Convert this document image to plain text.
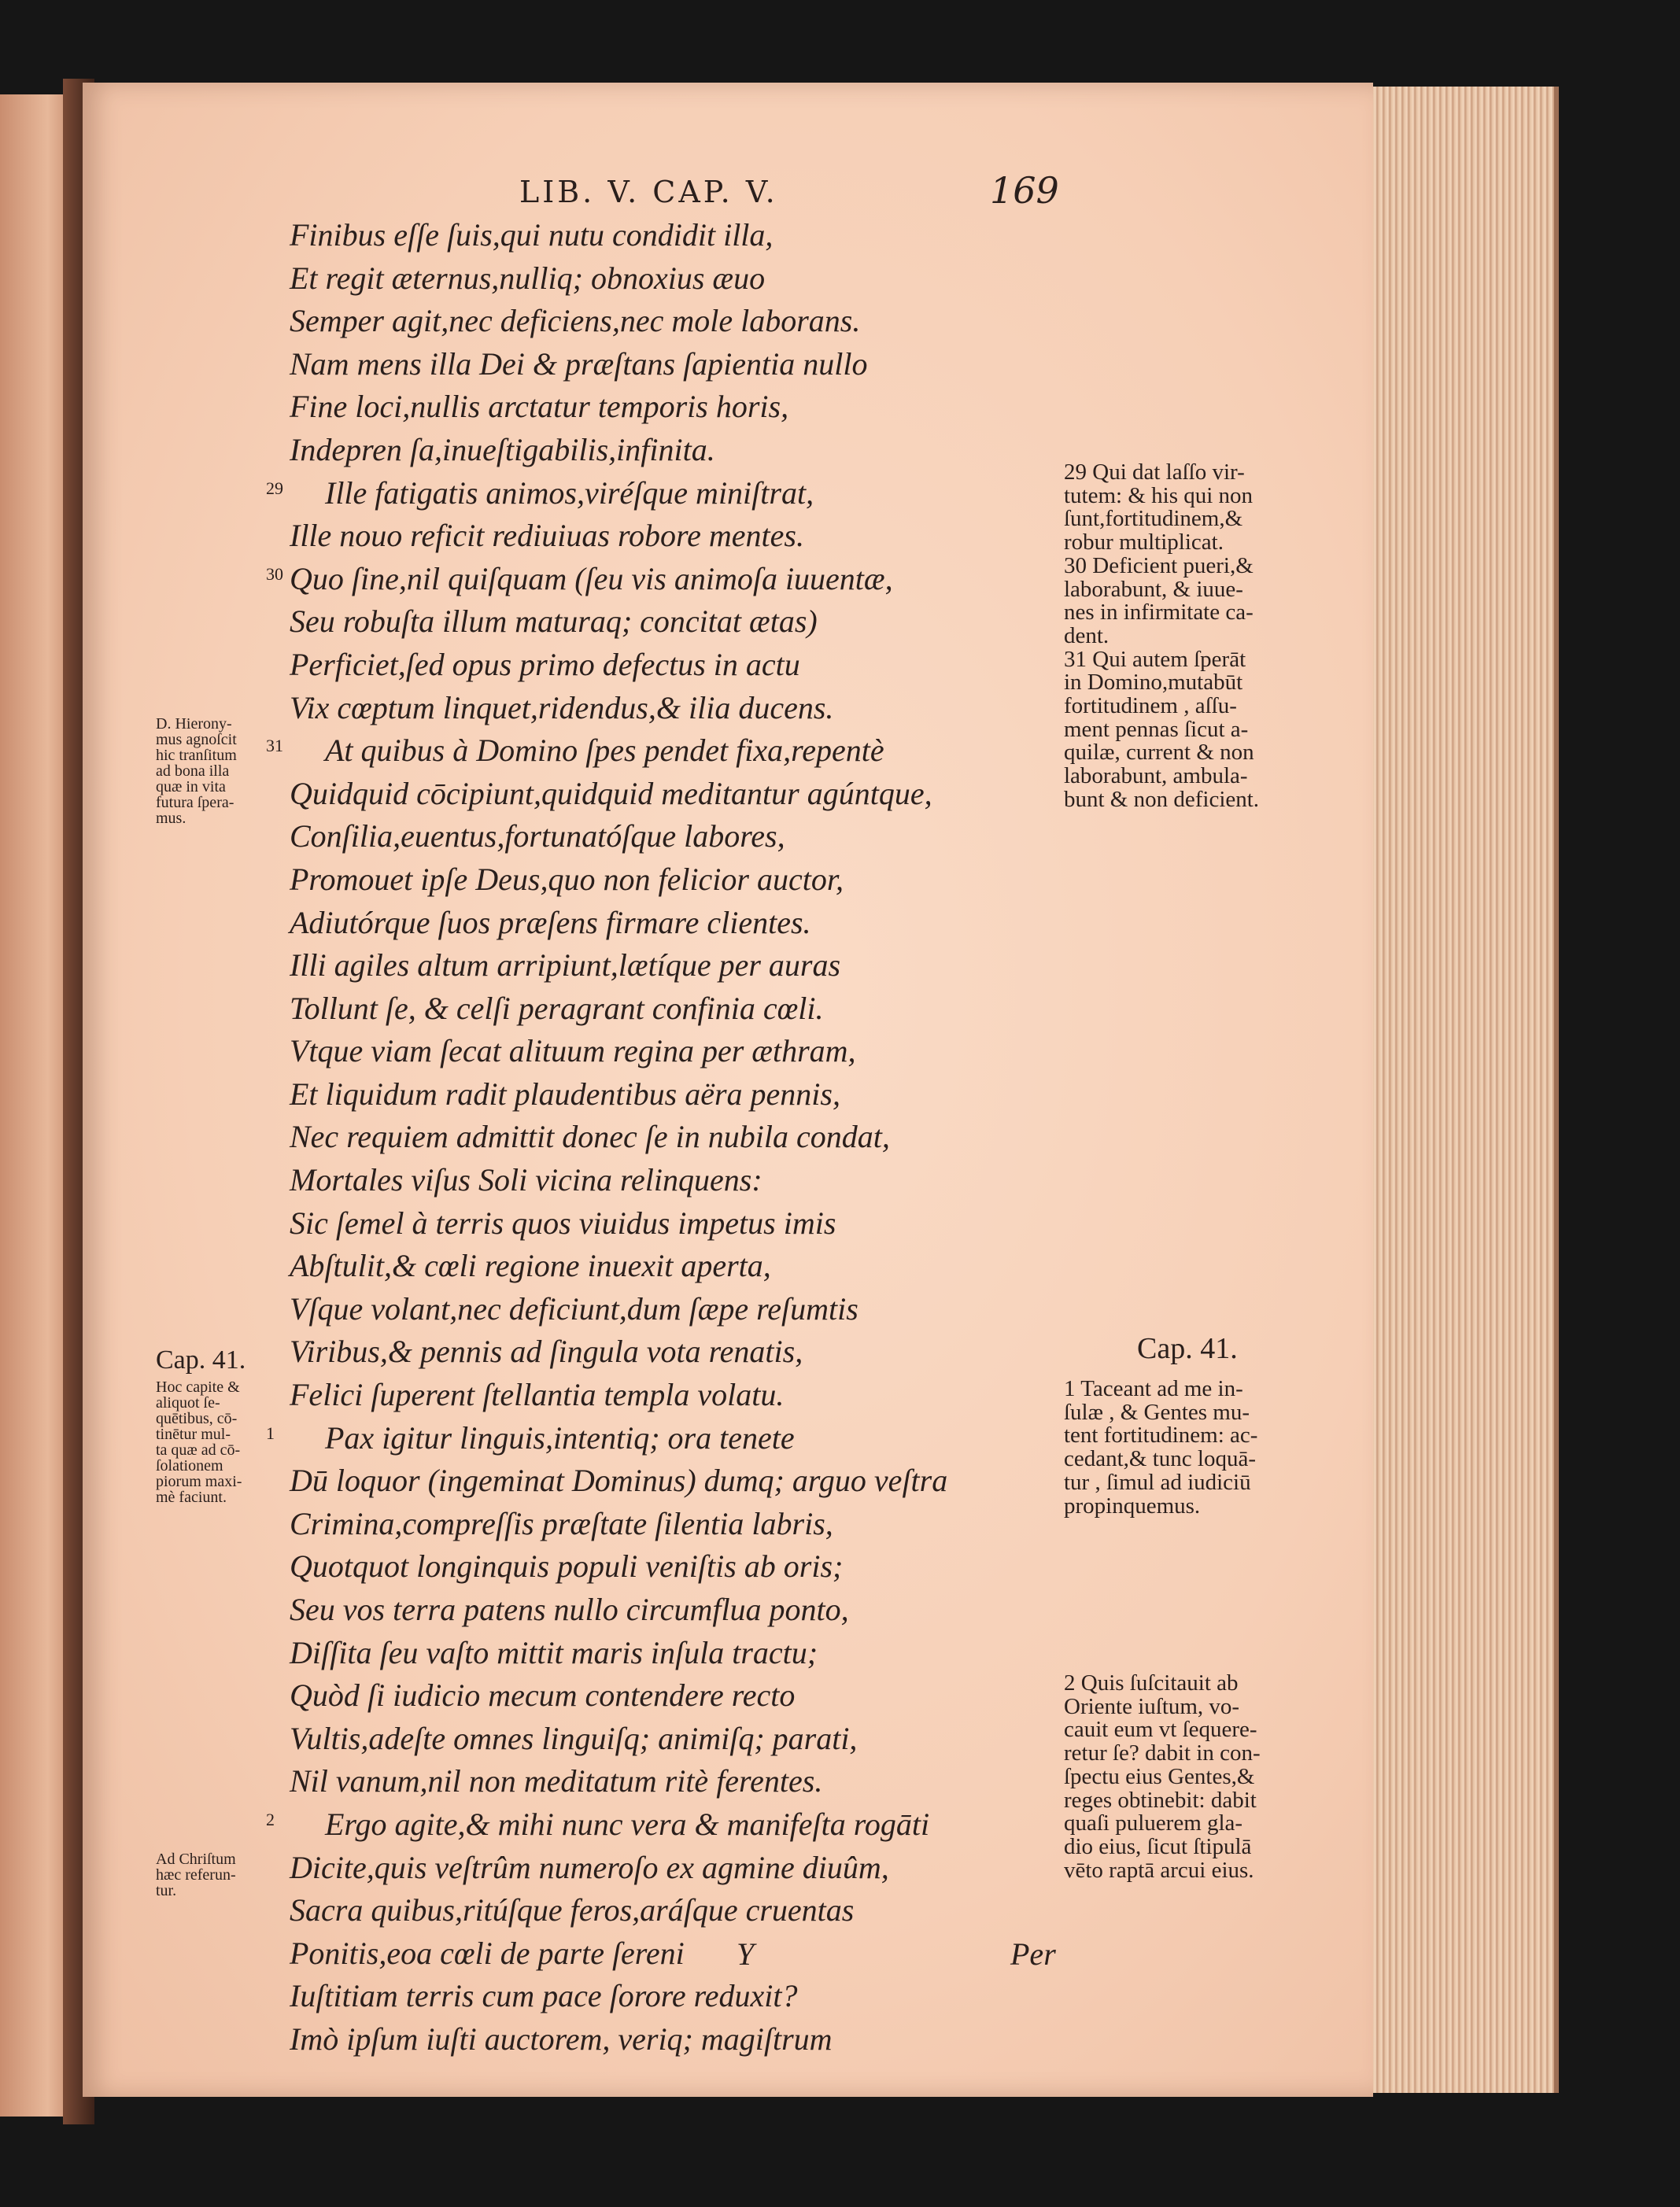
LIB. V. CAP. V.	169
Finibus eſſe ſuis,qui nutu condidit illa,
Et regit æternus,nulliq; obnoxius æuo
Semper agit,nec deficiens,nec mole laborans.
Nam mens illa Dei & præſtans ſapientia nullo
Fine loci,nullis arctatur temporis horis,
Indepren ſa,inueſtigabilis,infinita.
29 Ille fatigatis animos,viréſque miniſtrat,
Ille nouo reficit rediuiuas robore mentes.
30 Quo ſine,nil quiſquam (ſeu vis animoſa iuuentæ,
Seu robuſta illum maturaq; concitat ætas)
Perficiet,ſed opus primo defectus in actu
Vix cœptum linquet,ridendus,& ilia ducens.
31 At quibus à Domino ſpes pendet fixa,repentè
Quidquid cōcipiunt,quidquid meditantur agúntque,
Conſilia,euentus,fortunatóſque labores,
Promouet ipſe Deus,quo non felicior auctor,
Adiutórque ſuos præſens firmare clientes.
Illi agiles altum arripiunt,lætíque per auras
Tollunt ſe, & celſi peragrant confinia cœli.
Vtque viam ſecat alituum regina per æthram,
Et liquidum radit plaudentibus aëra pennis,
Nec requiem admittit donec ſe in nubila condat,
Mortales viſus Soli vicina relinquens:
Sic ſemel à terris quos viuidus impetus imis
Abſtulit,& cœli regione inuexit aperta,
Vſque volant,nec deficiunt,dum ſæpe reſumtis
Viribus,& pennis ad ſingula vota renatis,
Felici ſuperent ſtellantia templa volatu.
1 Pax igitur linguis,intentiq; ora tenete
Dū loquor (ingeminat Dominus) dumq; arguo veſtra
Crimina,compreſſis præſtate ſilentia labris,
Quotquot longinquis populi veniſtis ab oris;
Seu vos terra patens nullo circumflua ponto,
Diſſita ſeu vaſto mittit maris inſula tractu;
Quòd ſi iudicio mecum contendere recto
Vultis,adeſte omnes linguiſq; animiſq; parati,
Nil vanum,nil non meditatum ritè ferentes.
2 Ergo agite,& mihi nunc vera & manifeſta rogāti
Dicite,quis veſtrûm numeroſo ex agmine diuûm,
Sacra quibus,ritúſque feros,aráſque cruentas
Ponitis,eoa cœli de parte ſereni
Iuſtitiam terris cum pace ſorore reduxit?
Imò ipſum iuſti auctorem, veriq; magiſtrum
D. Hierony-
mus agnoſcit
hic tranſitum
ad bona illa
quæ in vita
futura ſpera-
mus.
Cap. 41.
Hoc capite &
aliquot ſe-
quētibus, cō-
tinētur mul-
ta quæ ad cō-
ſolationem
piorum maxi-
mè faciunt.
Ad Chriſtum
hæc referun-
tur.
29 Qui dat laſſo vir-
tutem: & his qui non
ſunt,fortitudinem,&
robur multiplicat.
30 Deficient pueri,&
laborabunt, & iuue-
nes in infirmitate ca-
dent.
31 Qui autem ſperāt
in Domino,mutabūt
fortitudinem , aſſu-
ment pennas ſicut a-
quilæ, current & non
laborabunt, ambula-
bunt & non deficient.
Cap. 41.
1 Taceant ad me in-
ſulæ , & Gentes mu-
tent fortitudinem: ac-
cedant,& tunc loquā-
tur , ſimul ad iudiciū
propinquemus.
2 Quis ſuſcitauit ab
Oriente iuſtum, vo-
cauit eum vt ſequere-
retur ſe? dabit in con-
ſpectu eius Gentes,&
reges obtinebit: dabit
quaſi puluerem gla-
dio eius, ſicut ſtipulā
vēto raptā arcui eius.
Y	Per
